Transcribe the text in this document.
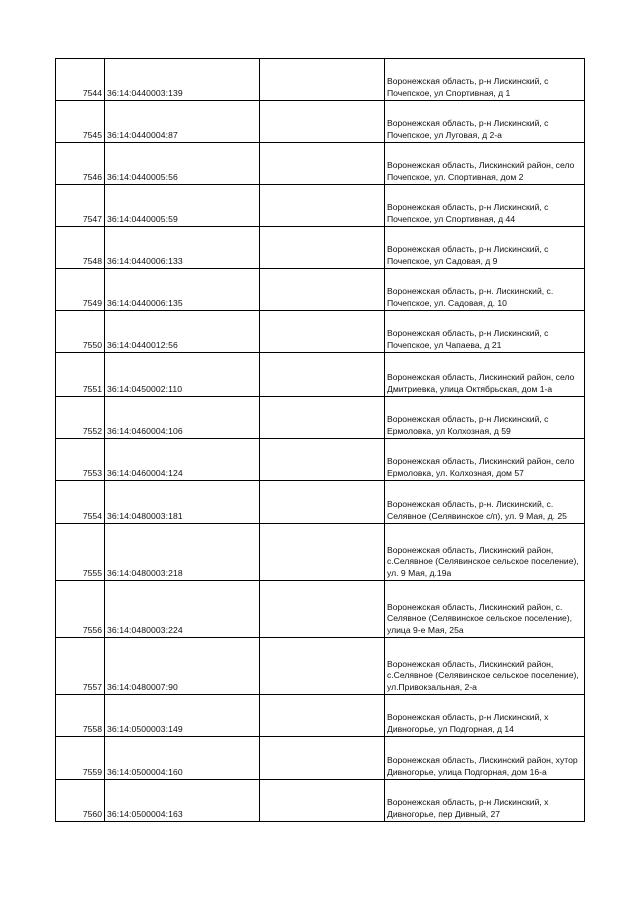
7544	36:14:0440003:139		Воронежская область, р-н Лискинский, с Почепское, ул Спортивная, д 1
7545	36:14:0440004:87		Воронежская область, р-н Лискинский, с Почепское, ул Луговая, д 2-а
7546	36:14:0440005:56		Воронежская область, Лискинский район, село Почепское, ул. Спортивная, дом 2
7547	36:14:0440005:59		Воронежская область, р-н Лискинский, с Почепское, ул Спортивная, д 44
7548	36:14:0440006:133		Воронежская область, р-н Лискинский, с Почепское, ул Садовая, д 9
7549	36:14:0440006:135		Воронежская область, р-н. Лискинский, с. Почепское, ул. Садовая, д. 10
7550	36:14:0440012:56		Воронежская область, р-н Лискинский, с Почепское, ул Чапаева, д 21
7551	36:14:0450002:110		Воронежская область, Лискинский район, село Дмитриевка, улица Октябрьская, дом 1-а
7552	36:14:0460004:106		Воронежская область, р-н Лискинский, с Ермоловка, ул Колхозная, д 59
7553	36:14:0460004:124		Воронежская область, Лискинский район, село Ермоловка, ул. Колхозная, дом 57
7554	36:14:0480003:181		Воронежская область, р-н. Лискинский, с. Селявное (Селявинское с/п), ул. 9 Мая, д. 25
7555	36:14:0480003:218		Воронежская область, Лискинский район, с.Селявное (Селявинское сельское поселение), ул. 9 Мая, д.19а
7556	36:14:0480003:224		Воронежская область, Лискинский район, с. Селявное (Селявинское сельское поселение), улица 9-е Мая, 25а
7557	36:14:0480007:90		Воронежская область, Лискинский район, с.Селявное (Селявинское сельское поселение), ул.Привокзальная, 2-а
7558	36:14:0500003:149		Воронежская область, р-н Лискинский, х Дивногорье, ул Подгорная, д 14
7559	36:14:0500004:160		Воронежская область, Лискинский район, хутор Дивногорье, улица Подгорная, дом 16-а
7560	36:14:0500004:163		Воронежская область, р-н Лискинский, х Дивногорье, пер Дивный, 27
